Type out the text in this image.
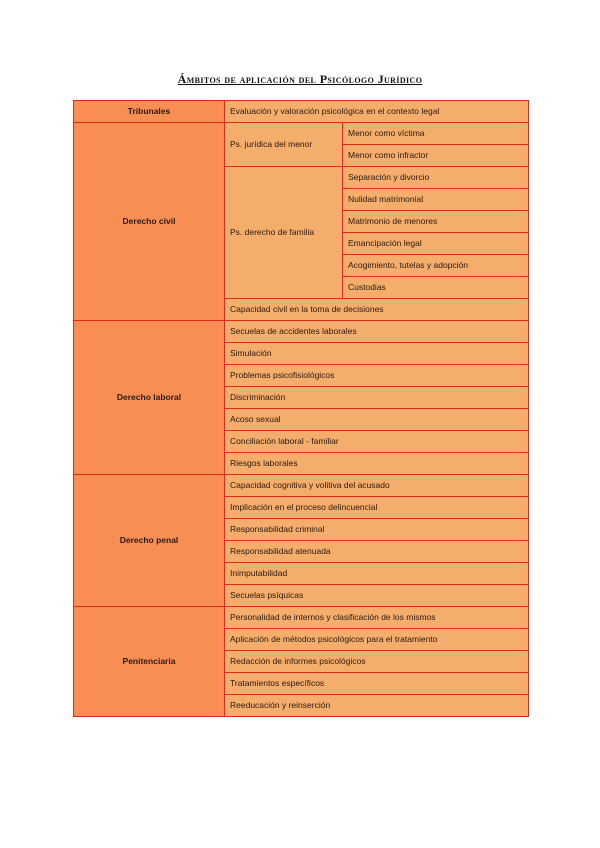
Ámbitos de aplicación del Psicólogo Jurídico
Tribunales	Evaluación y valoración psicológica en el contexto legal	
Derecho civil	Ps. jurídica del menor	Menor como víctima
		Menor como infractor
	Ps. derecho de familia	Separación y divorcio
		Nulidad matrimonial
		Matrimonio de menores
		Emancipación legal
		Acogimiento, tutelas y adopción
		Custodias
	Capacidad civil en la toma de decisiones	
Derecho laboral	Secuelas de accidentes laborales	
	Simulación	
	Problemas psicofisiológicos	
	Discriminación	
	Acoso sexual	
	Conciliación laboral - familiar	
	Riesgos laborales	
Derecho penal	Capacidad cognitiva y volitiva del acusado	
	Implicación en el proceso delincuencial	
	Responsabilidad criminal	
	Responsabilidad atenuada	
	Inimputabilidad	
	Secuelas psíquicas	
Penitenciaria	Personalidad de internos y clasificación de los mismos	
	Aplicación de métodos psicológicos para el tratamiento	
	Redacción de informes psicológicos	
	Tratamientos específicos	
	Reeducación y reinserción	
